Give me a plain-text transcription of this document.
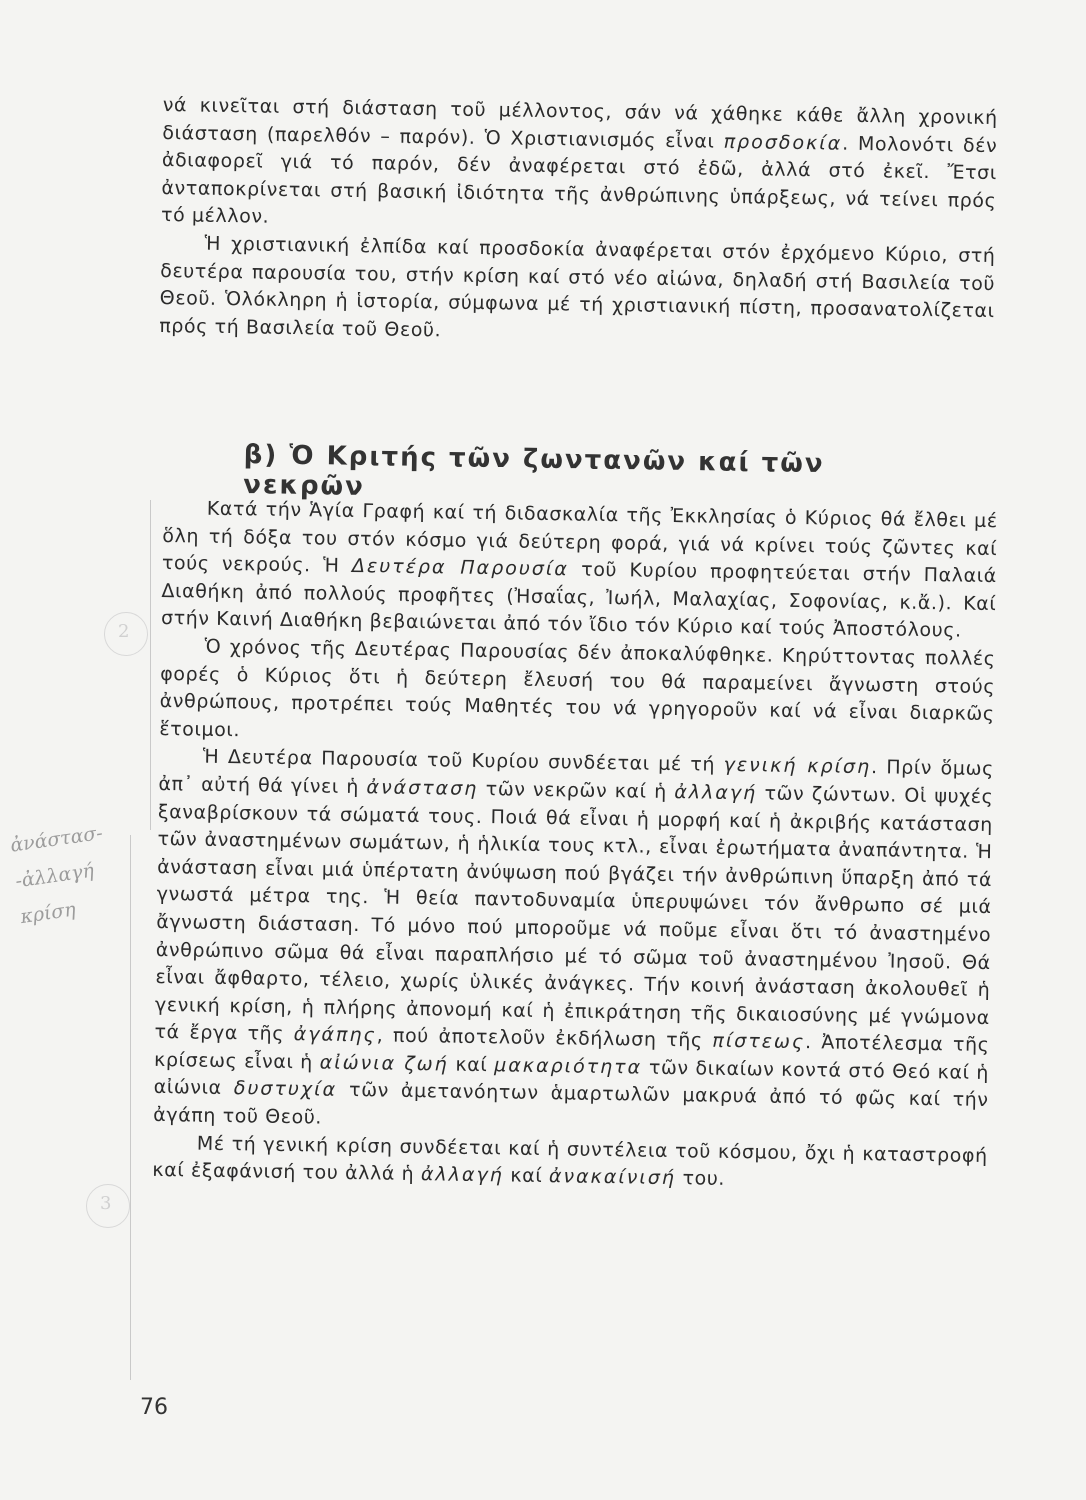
νά κινεῖται στή διάσταση τοῦ μέλλοντος, σάν νά χάθηκε κάθε ἄλλη χρονική διάσταση (παρελθόν – παρόν). Ὁ Χριστιανισμός εἶναι προσδοκία. Μολονότι δέν ἀδιαφορεῖ γιά τό παρόν, δέν ἀναφέρεται στό ἐδῶ, ἀλλά στό ἐκεῖ. Ἔτσι ἀνταποκρίνεται στή βασική ἰδιότητα τῆς ἀνθρώπινης ὑπάρξεως, νά τείνει πρός τό μέλλον.

Ἡ χριστιανική ἐλπίδα καί προσδοκία ἀναφέρεται στόν ἐρχόμενο Κύριο, στή δευτέρα παρουσία του, στήν κρίση καί στό νέο αἰώνα, δηλαδή στή Βασιλεία τοῦ Θεοῦ. Ὁλόκληρη ἡ ἱστορία, σύμφωνα μέ τή χριστιανική πίστη, προσανατολίζεται πρός τή Βασιλεία τοῦ Θεοῦ.

β) Ὁ Κριτής τῶν ζωντανῶν καί τῶν νεκρῶν

Κατά τήν Ἁγία Γραφή καί τή διδασκαλία τῆς Ἐκκλησίας ὁ Κύριος θά ἔλθει μέ ὅλη τή δόξα του στόν κόσμο γιά δεύτερη φορά, γιά νά κρίνει τούς ζῶντες καί τούς νεκρούς. Ἡ Δευτέρα Παρουσία τοῦ Κυρίου προφητεύεται στήν Παλαιά Διαθήκη ἀπό πολλούς προφῆτες (Ἠσαΐας, Ἰωήλ, Μαλαχίας, Σοφονίας, κ.ἄ.). Καί στήν Καινή Διαθήκη βεβαιώνεται ἀπό τόν ἴδιο τόν Κύριο καί τούς Ἀποστόλους.

Ὁ χρόνος τῆς Δευτέρας Παρουσίας δέν ἀποκαλύφθηκε. Κηρύττοντας πολλές φορές ὁ Κύριος ὅτι ἡ δεύτερη ἔλευσή του θά παραμείνει ἄγνωστη στούς ἀνθρώπους, προτρέπει τούς Μαθητές του νά γρηγοροῦν καί νά εἶναι διαρκῶς ἕτοιμοι.

Ἡ Δευτέρα Παρουσία τοῦ Κυρίου συνδέεται μέ τή γενική κρίση. Πρίν ὅμως ἀπ᾽ αὐτή θά γίνει ἡ ἀνάσταση τῶν νεκρῶν καί ἡ ἀλλαγή τῶν ζώντων. Οἱ ψυχές ξαναβρίσκουν τά σώματά τους. Ποιά θά εἶναι ἡ μορφή καί ἡ ἀκριβής κατάσταση τῶν ἀναστημένων σωμάτων, ἡ ἡλικία τους κτλ., εἶναι ἐρωτήματα ἀναπάντητα. Ἡ ἀνάσταση εἶναι μιά ὑπέρτατη ἀνύψωση πού βγάζει τήν ἀνθρώπινη ὕπαρξη ἀπό τά γνωστά μέτρα της. Ἡ θεία παντοδυναμία ὑπερυψώνει τόν ἄνθρωπο σέ μιά ἄγνωστη διάσταση. Τό μόνο πού μποροῦμε νά ποῦμε εἶναι ὅτι τό ἀναστημένο ἀνθρώπινο σῶμα θά εἶναι παραπλήσιο μέ τό σῶμα τοῦ ἀναστημένου Ἰησοῦ. Θά εἶναι ἄφθαρτο, τέλειο, χωρίς ὑλικές ἀνάγκες. Τήν κοινή ἀνάσταση ἀκολουθεῖ ἡ γενική κρίση, ἡ πλήρης ἀπονομή καί ἡ ἐπικράτηση τῆς δικαιοσύνης μέ γνώμονα τά ἔργα τῆς ἀγάπης, πού ἀποτελοῦν ἐκδήλωση τῆς πίστεως. Ἀποτέλεσμα τῆς κρίσεως εἶναι ἡ αἰώνια ζωή καί μακαριότητα τῶν δικαίων κοντά στό Θεό καί ἡ αἰώνια δυστυχία τῶν ἀμετανόητων ἁμαρτωλῶν μακρυά ἀπό τό φῶς καί τήν ἀγάπη τοῦ Θεοῦ.

Μέ τή γενική κρίση συνδέεται καί ἡ συντέλεια τοῦ κόσμου, ὄχι ἡ καταστροφή καί ἐξαφάνισή του ἀλλά ἡ ἀλλαγή καί ἀνακαίνισή του.

2
3
ἀνάστασ-
-ἀλλαγή
κρίση
76
